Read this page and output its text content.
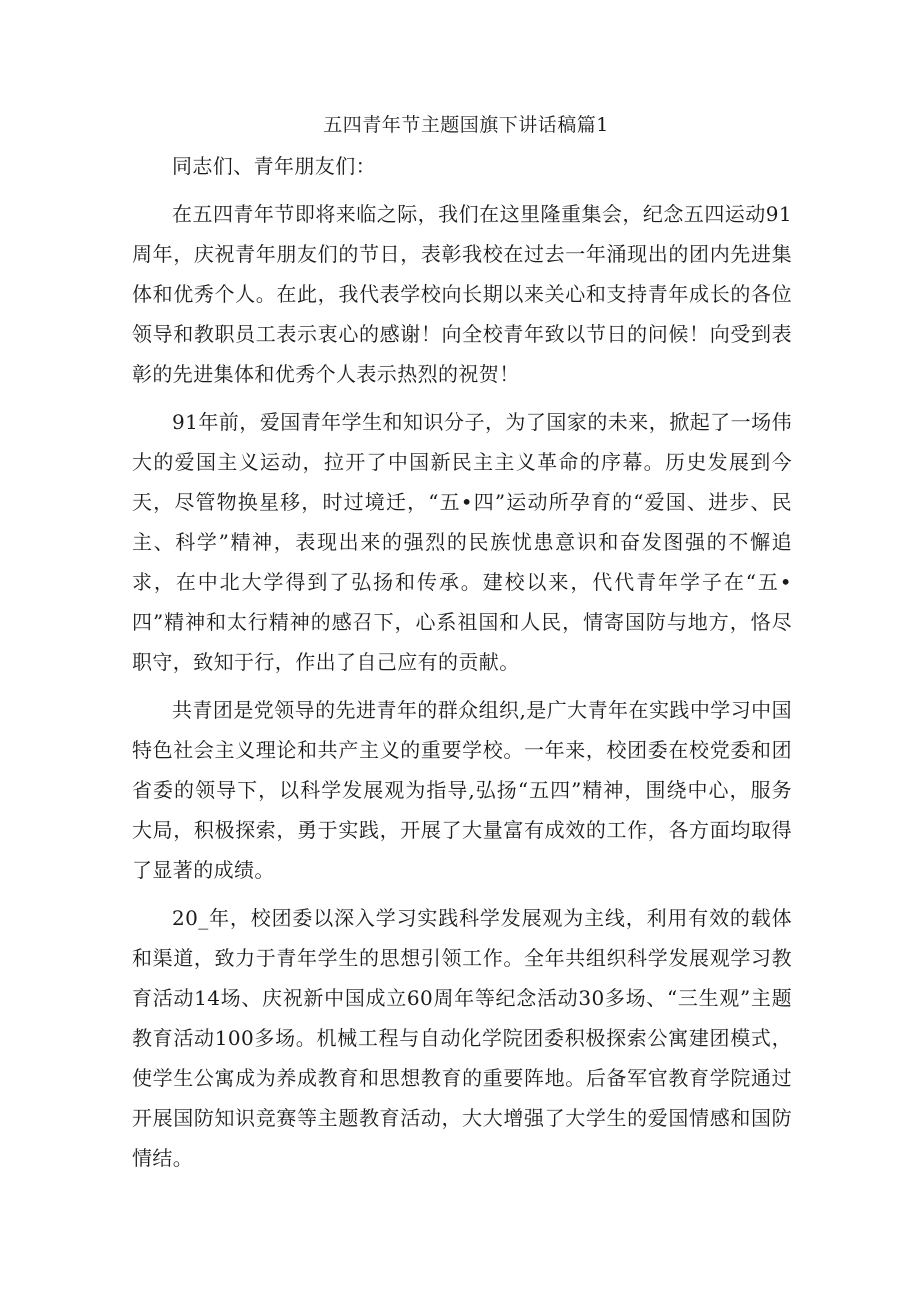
五四青年节主题国旗下讲话稿篇1

同志们、青年朋友们：

在五四青年节即将来临之际，我们在这里隆重集会，纪念五四运动91周年，庆祝青年朋友们的节日，表彰我校在过去一年涌现出的团内先进集体和优秀个人。在此，我代表学校向长期以来关心和支持青年成长的各位领导和教职员工表示衷心的感谢！向全校青年致以节日的问候！向受到表彰的先进集体和优秀个人表示热烈的祝贺！

91年前，爱国青年学生和知识分子，为了国家的未来，掀起了一场伟大的爱国主义运动，拉开了中国新民主主义革命的序幕。历史发展到今天，尽管物换星移，时过境迁，“五•四”运动所孕育的“爱国、进步、民主、科学”精神，表现出来的强烈的民族忧患意识和奋发图强的不懈追求，在中北大学得到了弘扬和传承。建校以来，代代青年学子在“五•四”精神和太行精神的感召下，心系祖国和人民，情寄国防与地方，恪尽职守，致知于行，作出了自己应有的贡献。

共青团是党领导的先进青年的群众组织,是广大青年在实践中学习中国特色社会主义理论和共产主义的重要学校。一年来，校团委在校党委和团省委的领导下，以科学发展观为指导,弘扬“五四”精神，围绕中心，服务大局，积极探索，勇于实践，开展了大量富有成效的工作，各方面均取得了显著的成绩。

20_年，校团委以深入学习实践科学发展观为主线，利用有效的载体和渠道，致力于青年学生的思想引领工作。全年共组织科学发展观学习教育活动14场、庆祝新中国成立60周年等纪念活动30多场、“三生观”主题教育活动100多场。机械工程与自动化学院团委积极探索公寓建团模式，使学生公寓成为养成教育和思想教育的重要阵地。后备军官教育学院通过开展国防知识竞赛等主题教育活动，大大增强了大学生的爱国情感和国防情结。
